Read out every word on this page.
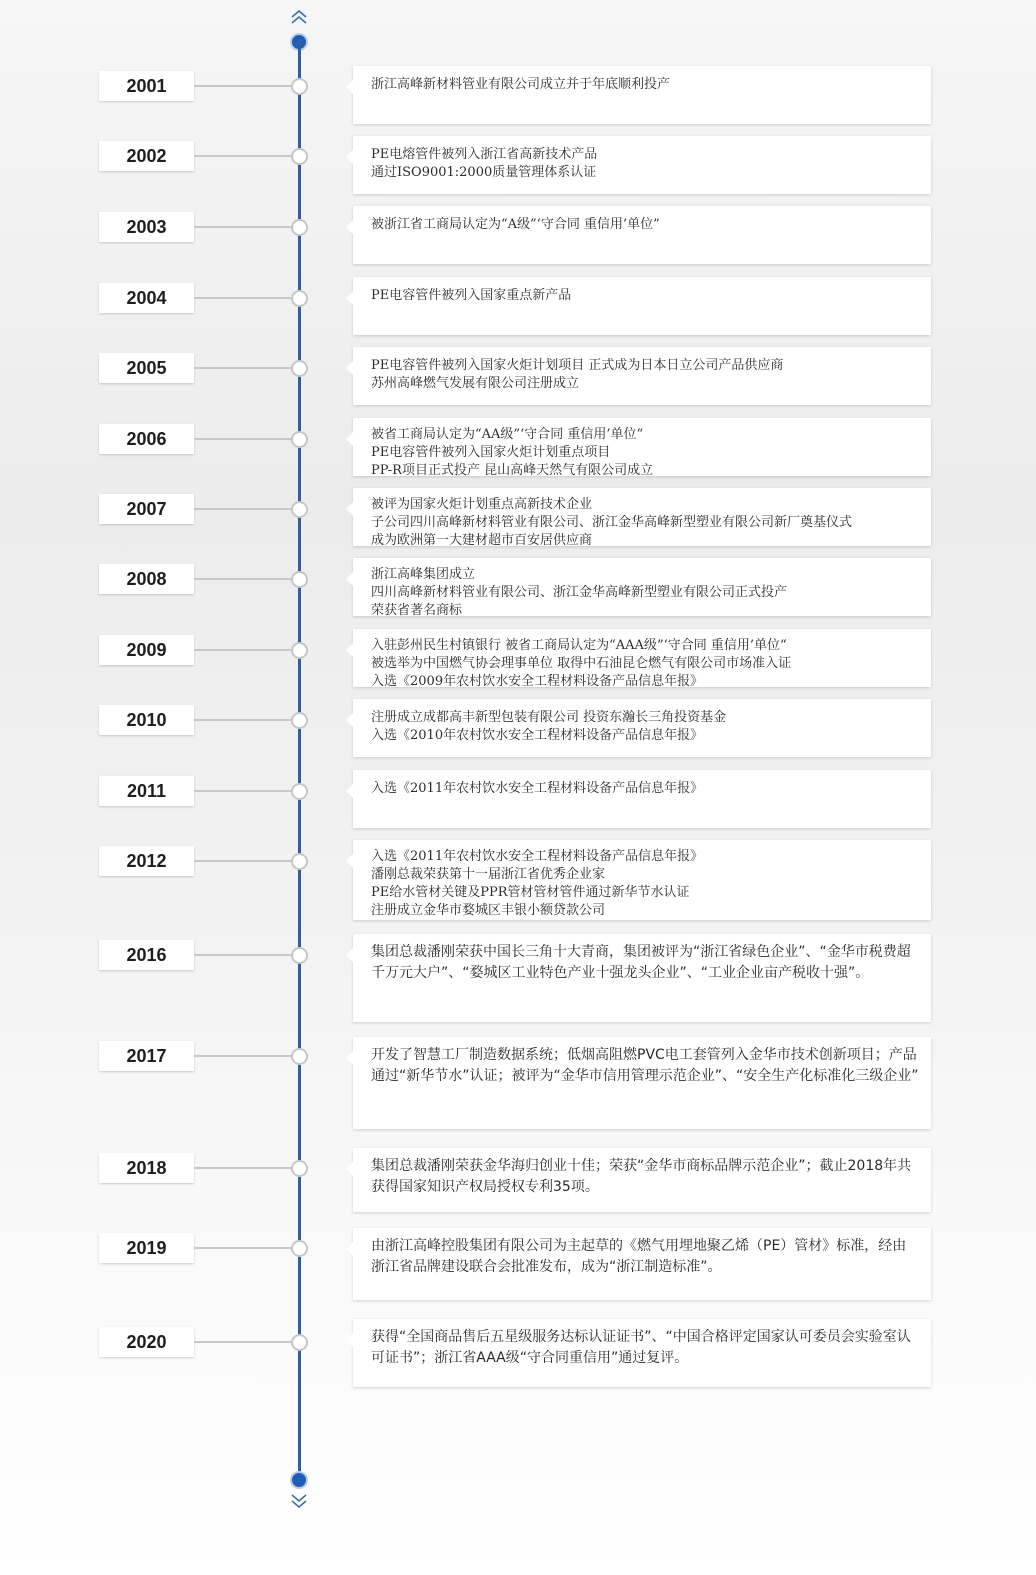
2001	浙江高峰新材料管业有限公司成立并于年底顺利投产
2002	PE电熔管件被列入浙江省高新技术产品
通过ISO9001:2000质量管理体系认证
2003	被浙江省工商局认定为“A级”‘守合同 重信用’单位”
2004	PE电容管件被列入国家重点新产品
2005	PE电容管件被列入国家火炬计划项目 正式成为日本日立公司产品供应商
苏州高峰燃气发展有限公司注册成立
2006	被省工商局认定为“AA级”‘守合同 重信用’单位“
PE电容管件被列入国家火炬计划重点项目
PP-R项目正式投产 昆山高峰天然气有限公司成立
2007	被评为国家火炬计划重点高新技术企业
子公司四川高峰新材料管业有限公司、浙江金华高峰新型塑业有限公司新厂奠基仪式
成为欧洲第一大建材超市百安居供应商
2008	浙江高峰集团成立
四川高峰新材料管业有限公司、浙江金华高峰新型塑业有限公司正式投产
荣获省著名商标
2009	入驻彭州民生村镇银行 被省工商局认定为“AAA级”‘守合同 重信用’单位“
被选举为中国燃气协会理事单位 取得中石油昆仑燃气有限公司市场准入证
入选《2009年农村饮水安全工程材料设备产品信息年报》
2010	注册成立成都高丰新型包装有限公司 投资东瀚长三角投资基金
入选《2010年农村饮水安全工程材料设备产品信息年报》
2011	入选《2011年农村饮水安全工程材料设备产品信息年报》
2012	入选《2011年农村饮水安全工程材料设备产品信息年报》
潘刚总裁荣获第十一届浙江省优秀企业家
PE给水管材关键及PPR管材管材管件通过新华节水认证
注册成立金华市婺城区丰银小额贷款公司
2016	集团总裁潘刚荣获中国长三角十大青商，集团被评为“浙江省绿色企业”、“金华市税费超千万元大户”、“婺城区工业特色产业十强龙头企业”、“工业企业亩产税收十强”。
2017	开发了智慧工厂制造数据系统；低烟高阻燃PVC电工套管列入金华市技术创新项目；产品通过“新华节水”认证；被评为“金华市信用管理示范企业”、“安全生产化标准化三级企业”
2018	集团总裁潘刚荣获金华海归创业十佳；荣获“金华市商标品牌示范企业”；截止2018年共获得国家知识产权局授权专利35项。
2019	由浙江高峰控股集团有限公司为主起草的《燃气用埋地聚乙烯（PE）管材》标准，经由浙江省品牌建设联合会批准发布，成为“浙江制造标准”。
2020	获得“全国商品售后五星级服务达标认证证书”、“中国合格评定国家认可委员会实验室认可证书”；浙江省AAA级“守合同重信用”通过复评。
